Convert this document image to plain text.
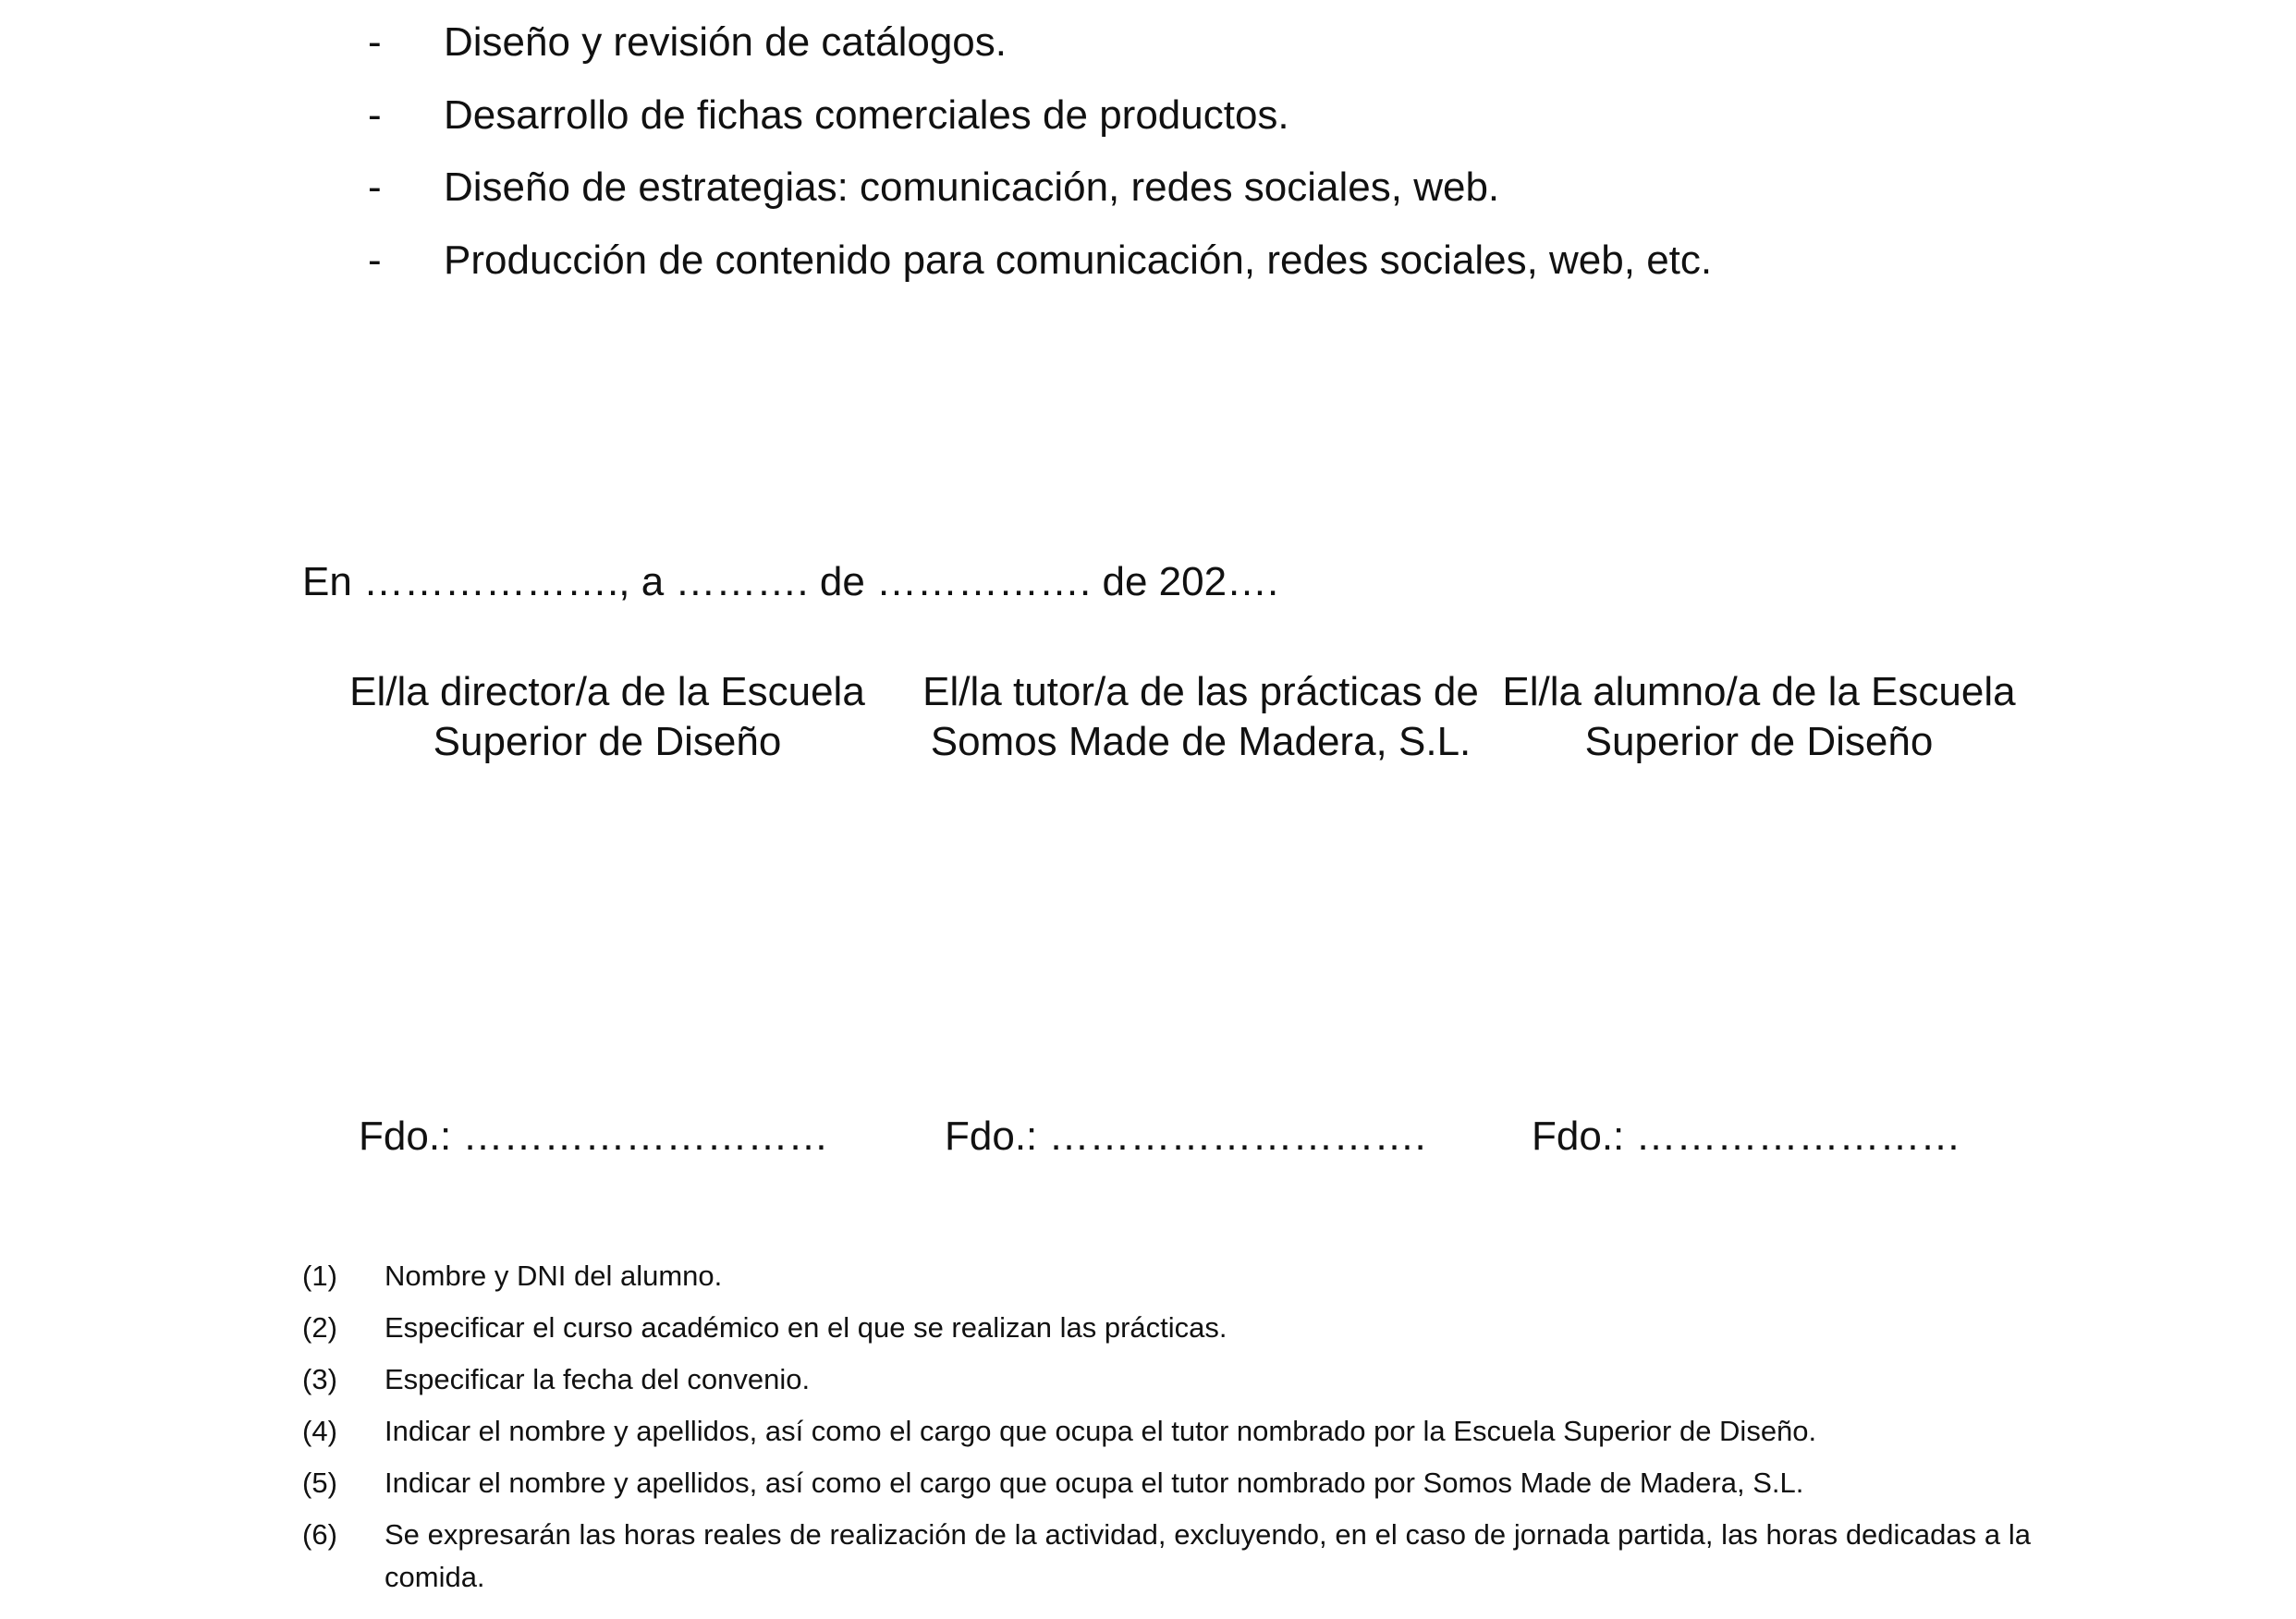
- Diseño y revisión de catálogos.
- Desarrollo de fichas comerciales de productos.
- Diseño de estrategias: comunicación, redes sociales, web.
- Producción de contenido para comunicación, redes sociales, web, etc.
En ………………., a ………. de ……………. de 202….
El/la director/a de la Escuela Superior de Diseño
El/la tutor/a de las prácticas de Somos Made de Madera, S.L.
El/la alumno/a de la Escuela Superior de Diseño
Fdo.: ………………………	Fdo.: ……………………….	Fdo.: ……………………
(1) Nombre y DNI del alumno.
(2) Especificar el curso académico en el que se realizan las prácticas.
(3) Especificar la fecha del convenio.
(4) Indicar el nombre y apellidos, así como el cargo que ocupa el tutor nombrado por la Escuela Superior de Diseño.
(5) Indicar el nombre y apellidos, así como el cargo que ocupa el tutor nombrado por Somos Made de Madera, S.L.
(6) Se expresarán las horas reales de realización de la actividad, excluyendo, en el caso de jornada partida, las horas dedicadas a la comida.
